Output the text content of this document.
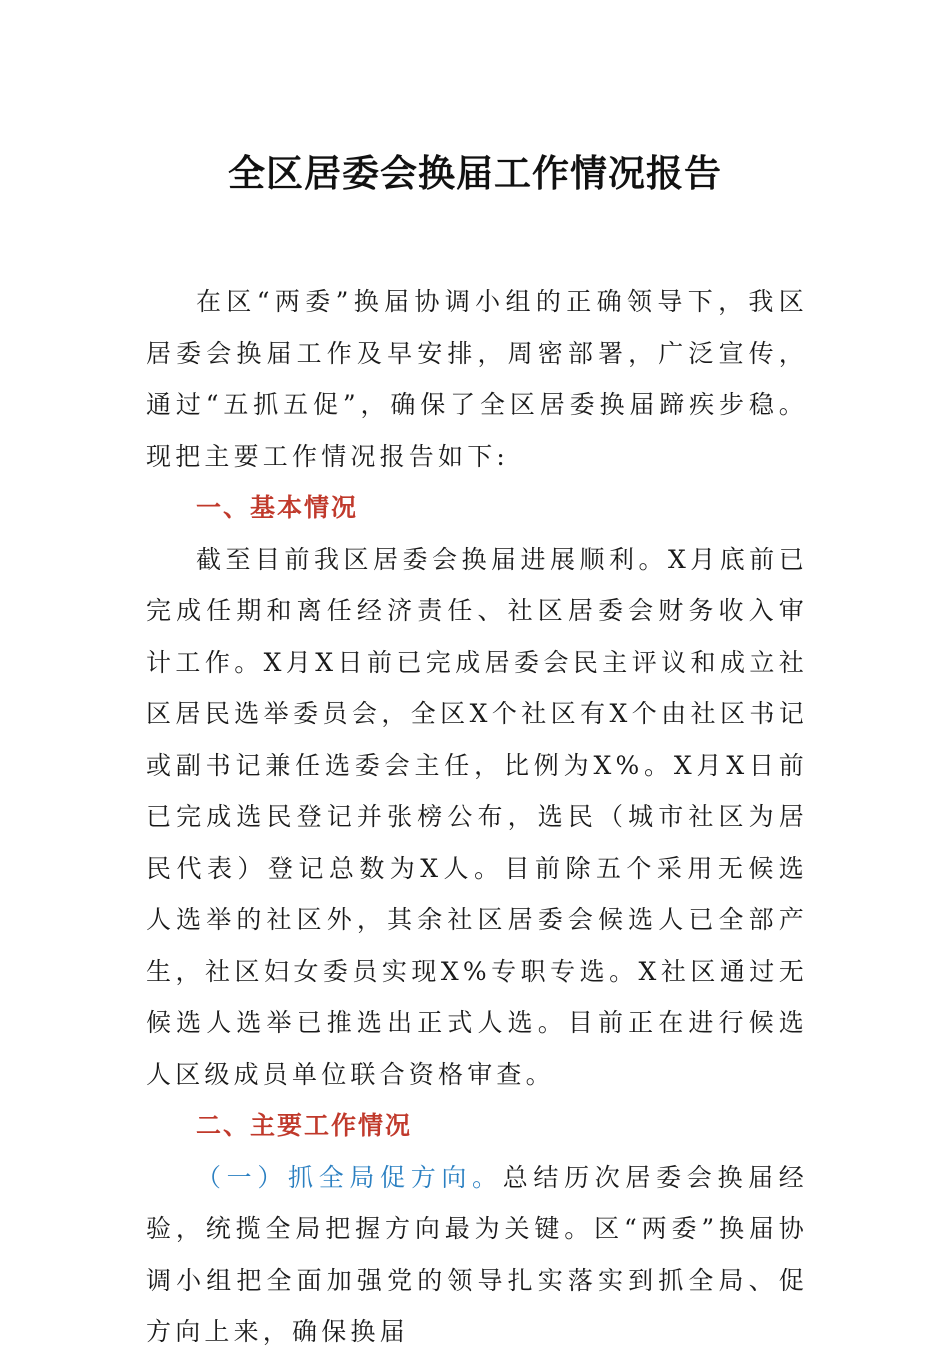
全区居委会换届工作情况报告

在区“两委”换届协调小组的正确领导下，我区居委会换届工作及早安排，周密部署，广泛宣传，通过“五抓五促”，确保了全区居委换届蹄疾步稳。现把主要工作情况报告如下:

一、基本情况

截至目前我区居委会换届进展顺利。X月底前已完成任期和离任经济责任、社区居委会财务收入审计工作。X月X日前已完成居委会民主评议和成立社区居民选举委员会，全区X个社区有X个由社区书记或副书记兼任选委会主任，比例为X%。X月X日前已完成选民登记并张榜公布，选民（城市社区为居民代表）登记总数为X人。目前除五个采用无候选人选举的社区外，其余社区居委会候选人已全部产生，社区妇女委员实现X%专职专选。X社区通过无候选人选举已推选出正式人选。目前正在进行候选人区级成员单位联合资格审查。

二、主要工作情况

（一）抓全局促方向。总结历次居委会换届经验，统揽全局把握方向最为关键。区“两委”换届协调小组把全面加强党的领导扎实落实到抓全局、促方向上来，确保换届
